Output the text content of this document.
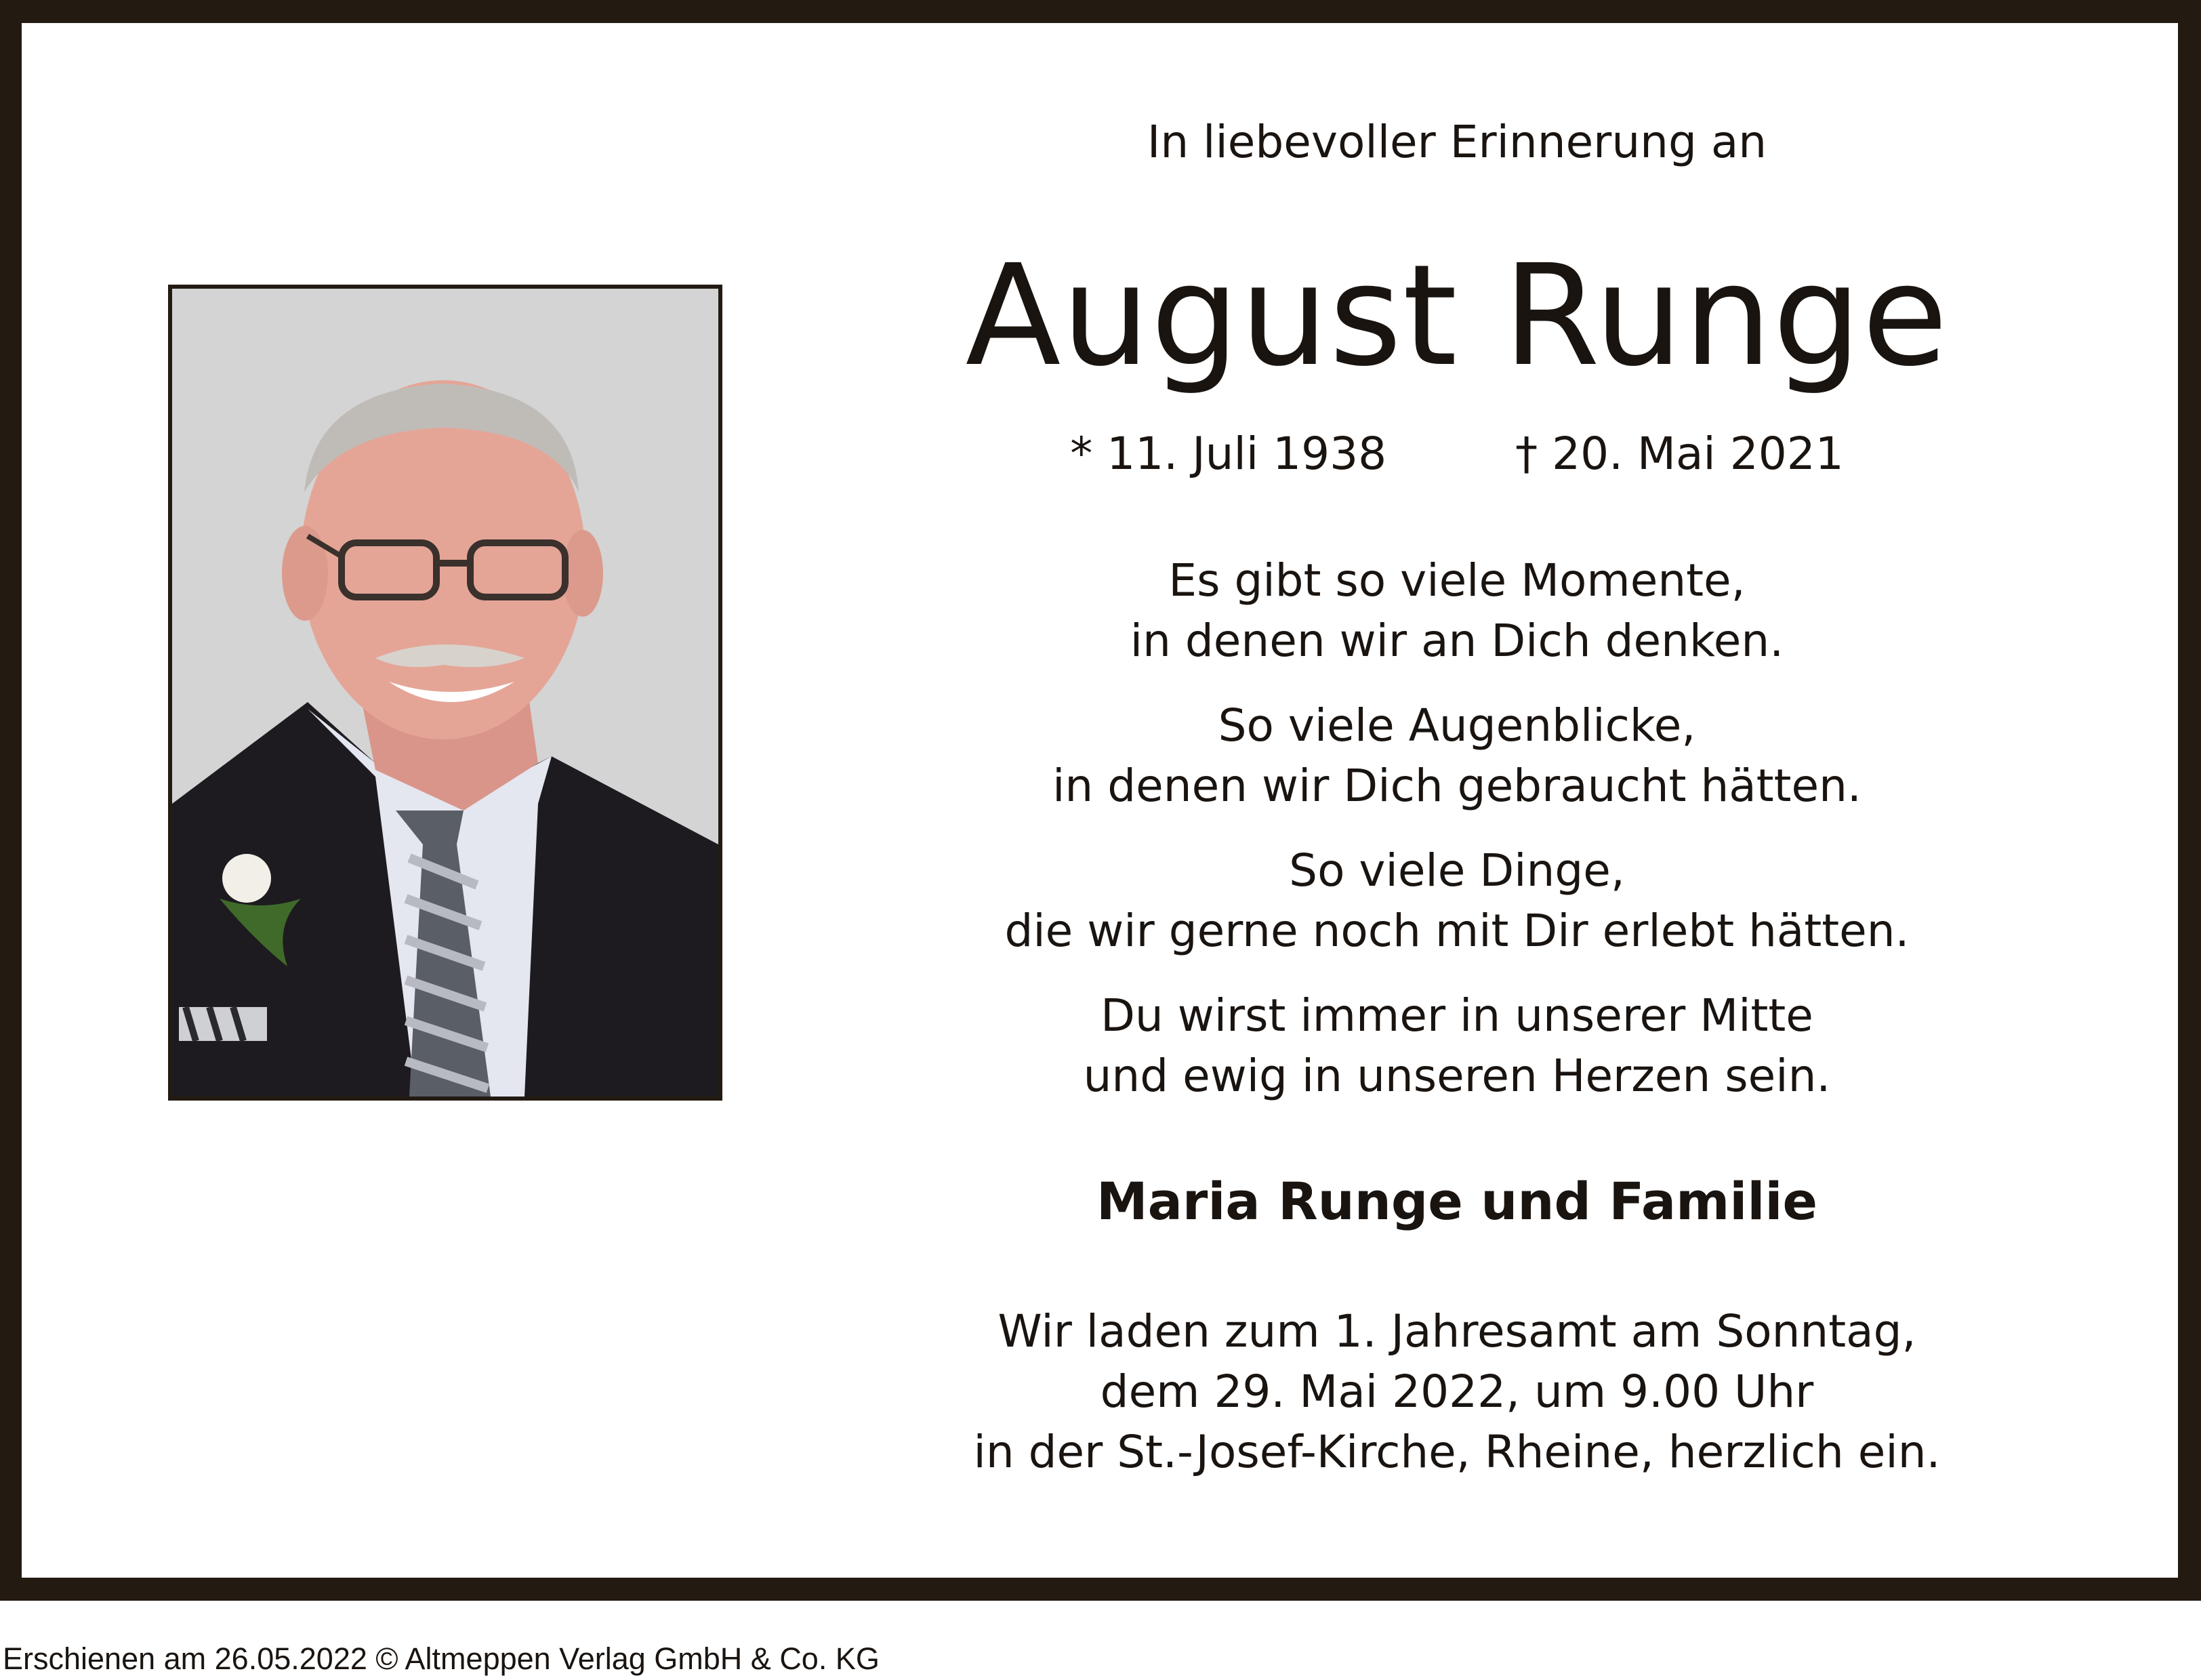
In liebevoller Erinnerung an
August Runge
* 11. Juli 1938	† 20. Mai 2021

Es gibt so viele Momente,
in denen wir an Dich denken.

So viele Augenblicke,
in denen wir Dich gebraucht hätten.

So viele Dinge,
die wir gerne noch mit Dir erlebt hätten.

Du wirst immer in unserer Mitte
und ewig in unseren Herzen sein.

Maria Runge und Familie
Wir laden zum 1. Jahresamt am Sonntag,
dem 29. Mai 2022, um 9.00 Uhr
in der St.-Josef-Kirche, Rheine, herzlich ein.
Erschienen am 26.05.2022 © Altmeppen Verlag GmbH & Co. KG
